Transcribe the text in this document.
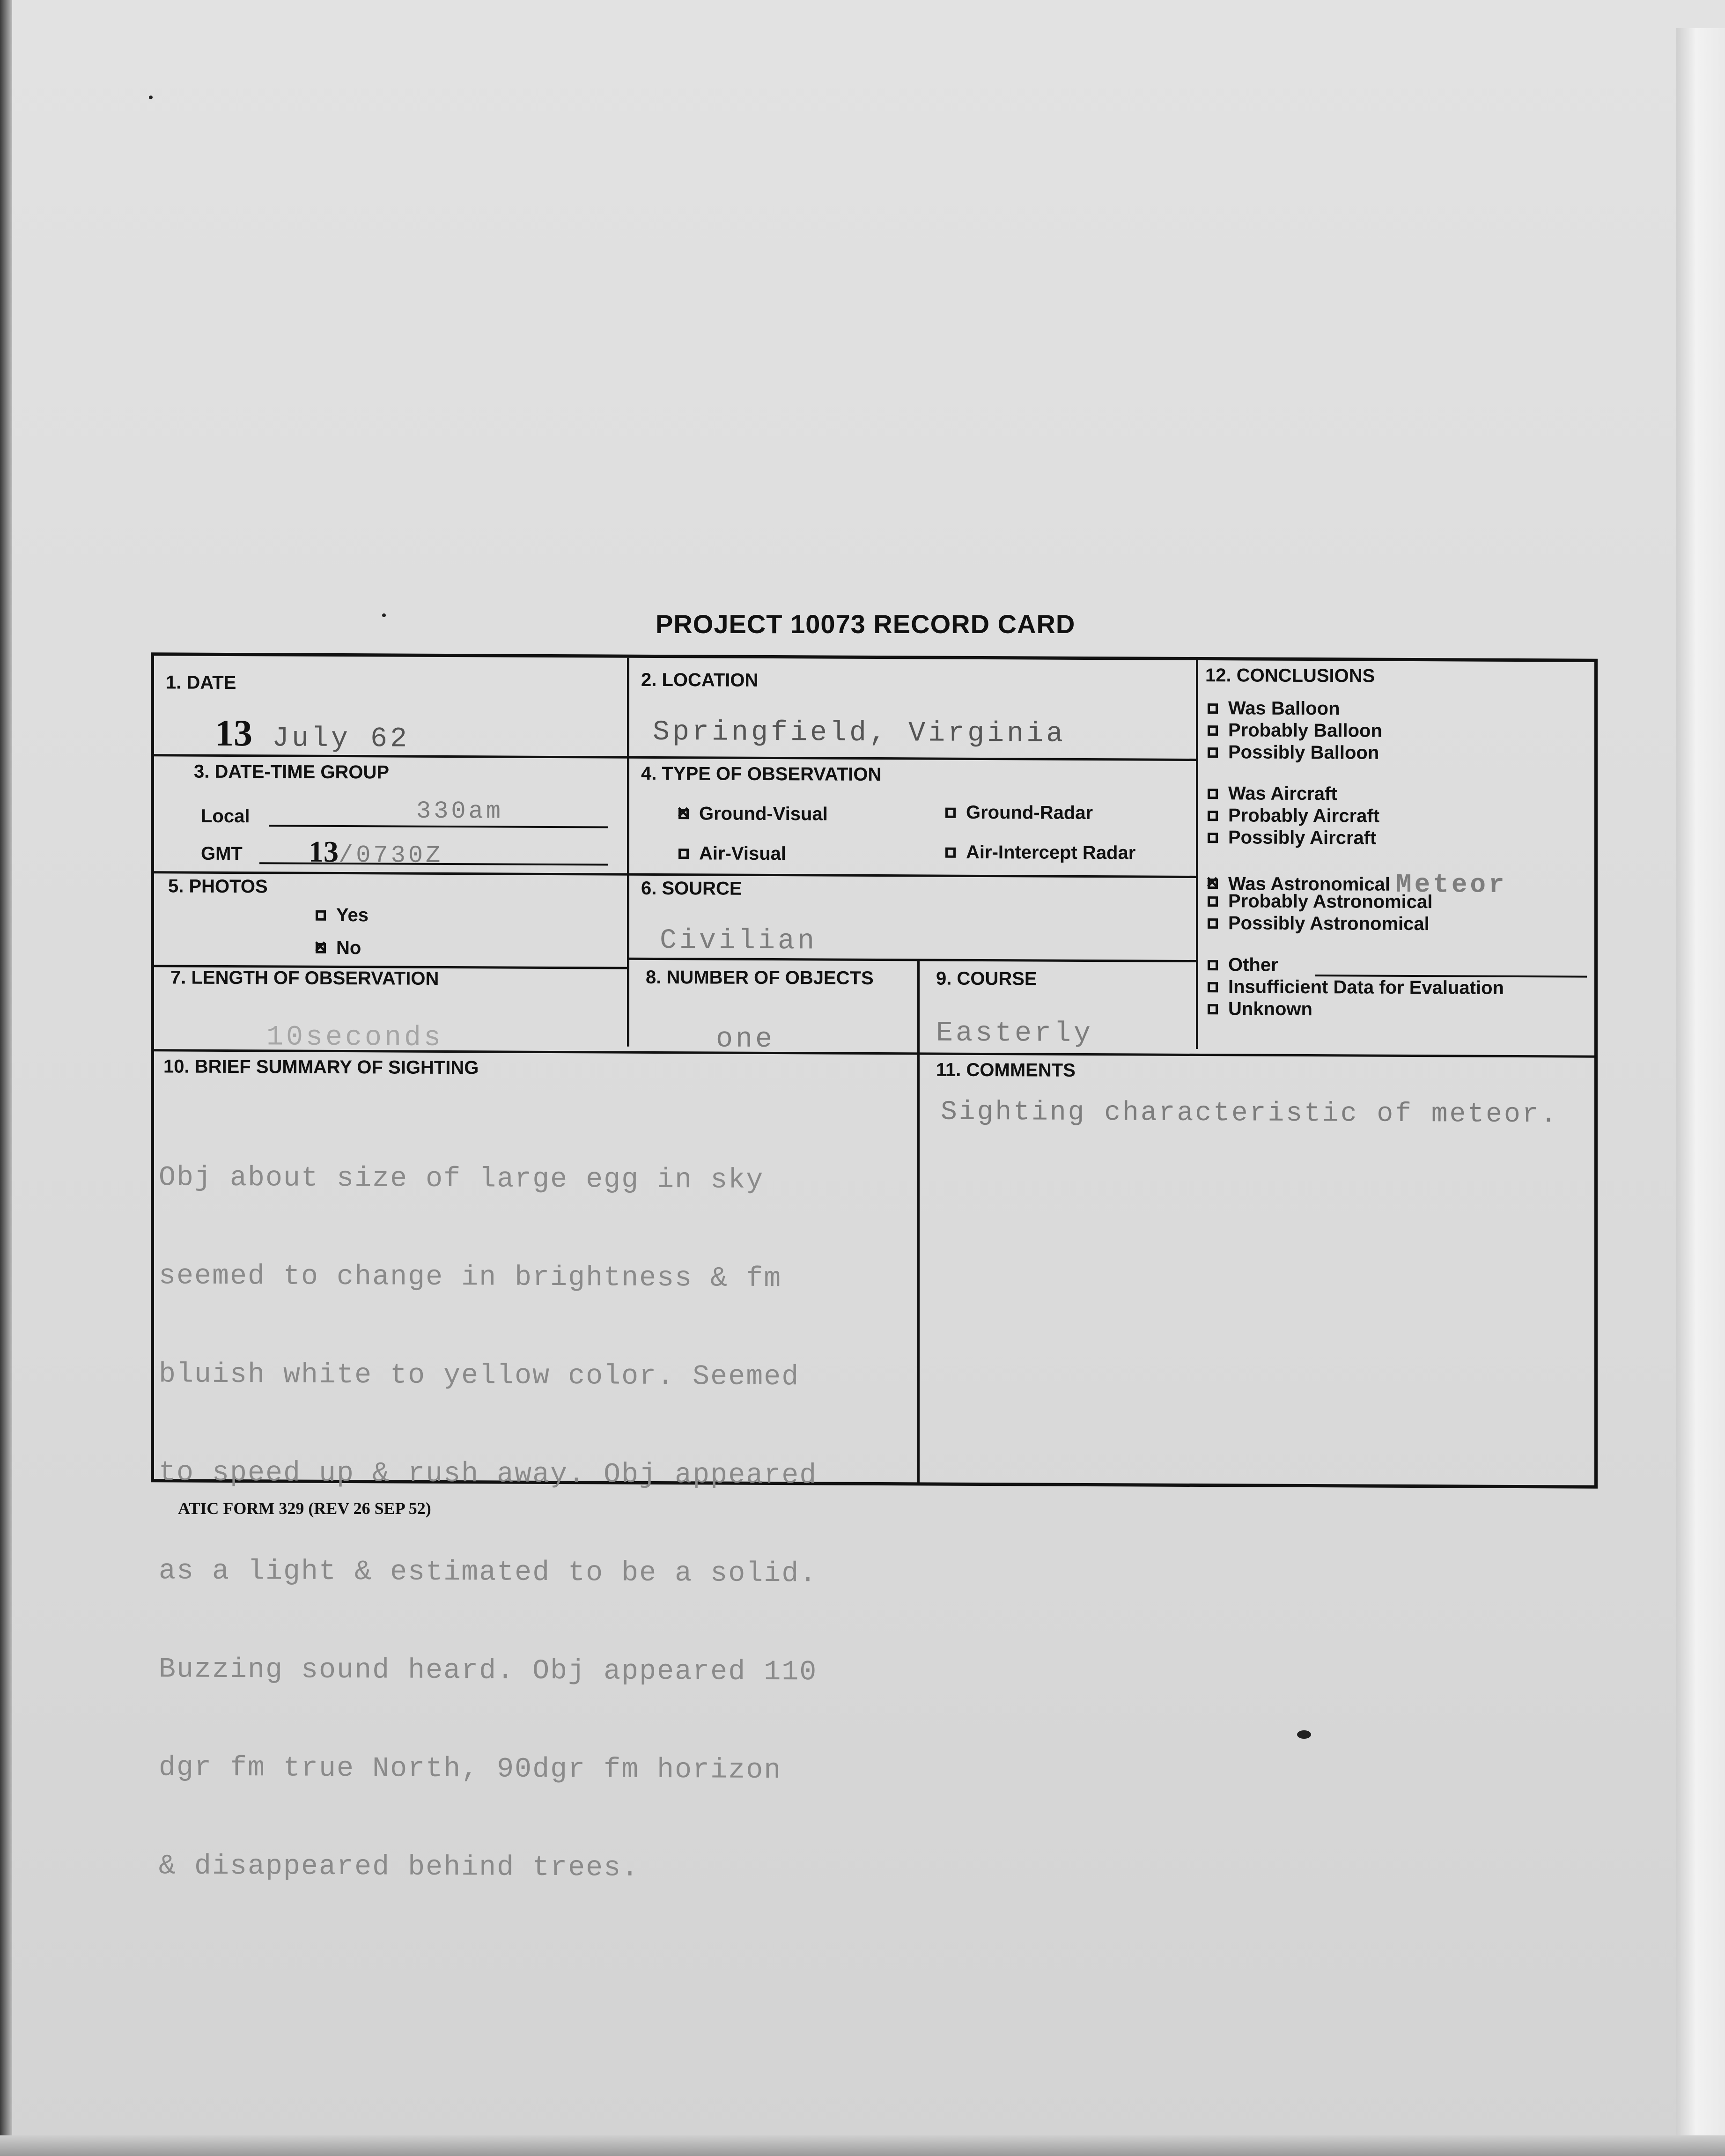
PROJECT 10073 RECORD CARD
1. DATE
13 July 62
2. LOCATION
Springfield, Virginia
3. DATE-TIME GROUP
Local	330am
GMT 13/0730Z
4. TYPE OF OBSERVATION
×
Ground-Visual	Ground-Radar
Air-Visual	Air-Intercept Radar
5. PHOTOS
Yes
×
No
6. SOURCE
Civilian
7. LENGTH OF OBSERVATION
10seconds
8. NUMBER OF OBJECTS
one
9. COURSE
Easterly
10. BRIEF SUMMARY OF SIGHTING

Obj about size of large egg in sky

seemed to change in brightness & fm

bluish white to yellow color. Seemed

to speed up & rush away. Obj appeared

as a light & estimated to be a solid.

Buzzing sound heard. Obj appeared 110

dgr fm true North, 90dgr fm horizon

& disappeared behind trees.

11. COMMENTS
Sighting characteristic of meteor.
12. CONCLUSIONS
Was Balloon
Probably Balloon
Possibly Balloon
Was Aircraft
Probably Aircraft
Possibly Aircraft
×
Was Astronomical Meteor
Probably Astronomical
Possibly Astronomical
Other
Insufficient Data for Evaluation
Unknown
ATIC FORM 329 (REV 26 SEP 52)
